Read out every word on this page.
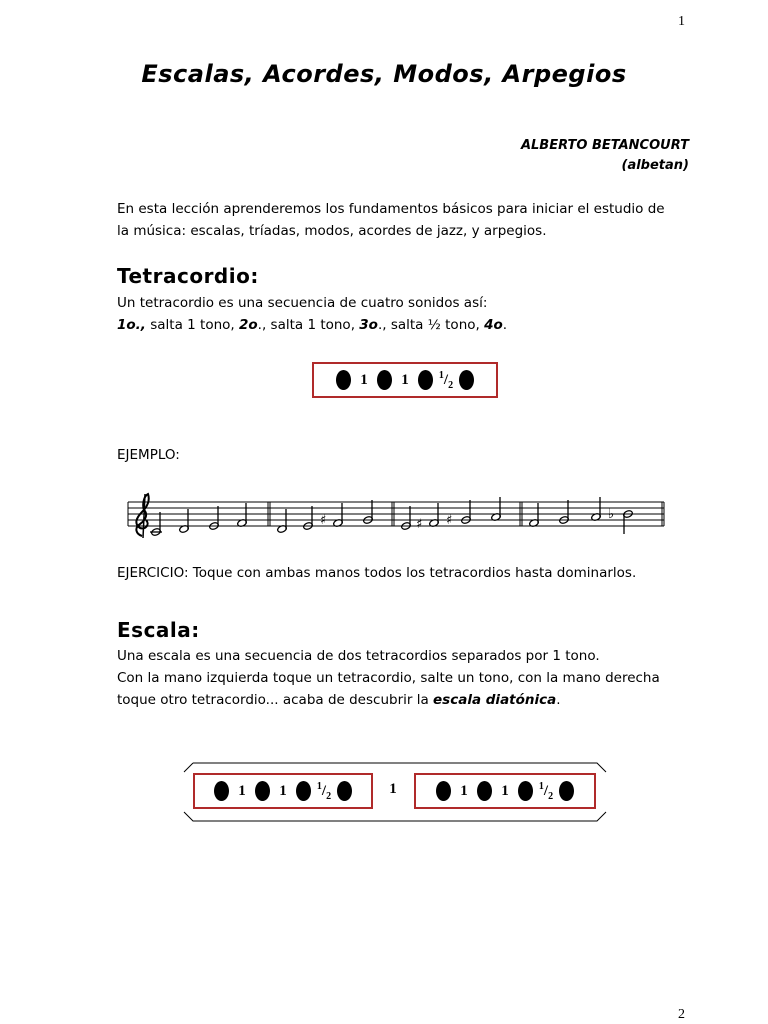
1
2
Escalas, Acordes, Modos, Arpegios
ALBERTO BETANCOURT
(albetan)
En esta lección aprenderemos los fundamentos básicos para iniciar el estudio de la música: escalas, tríadas, modos, acordes de jazz, y arpegios.
Tetracordio:
Un tetracordio es una secuencia de cuatro sonidos así:
1o., salta 1 tono, 2o., salta 1 tono, 3o., salta ½ tono, 4o.
1	1	$^1/_2$
EJEMPLO:
♯	♯ ♯	♭
EJERCICIO: Toque con ambas manos todos los tetracordios hasta dominarlos.
Escala:
Una escala es una secuencia de dos tetracordios separados por 1 tono.
Con la mano izquierda toque un tetracordio, salte un tono, con la mano derecha
toque otro tetracordio... acaba de descubrir la escala diatónica.
1	1	$^1/_2$	1	1	1	$^1/_2$
